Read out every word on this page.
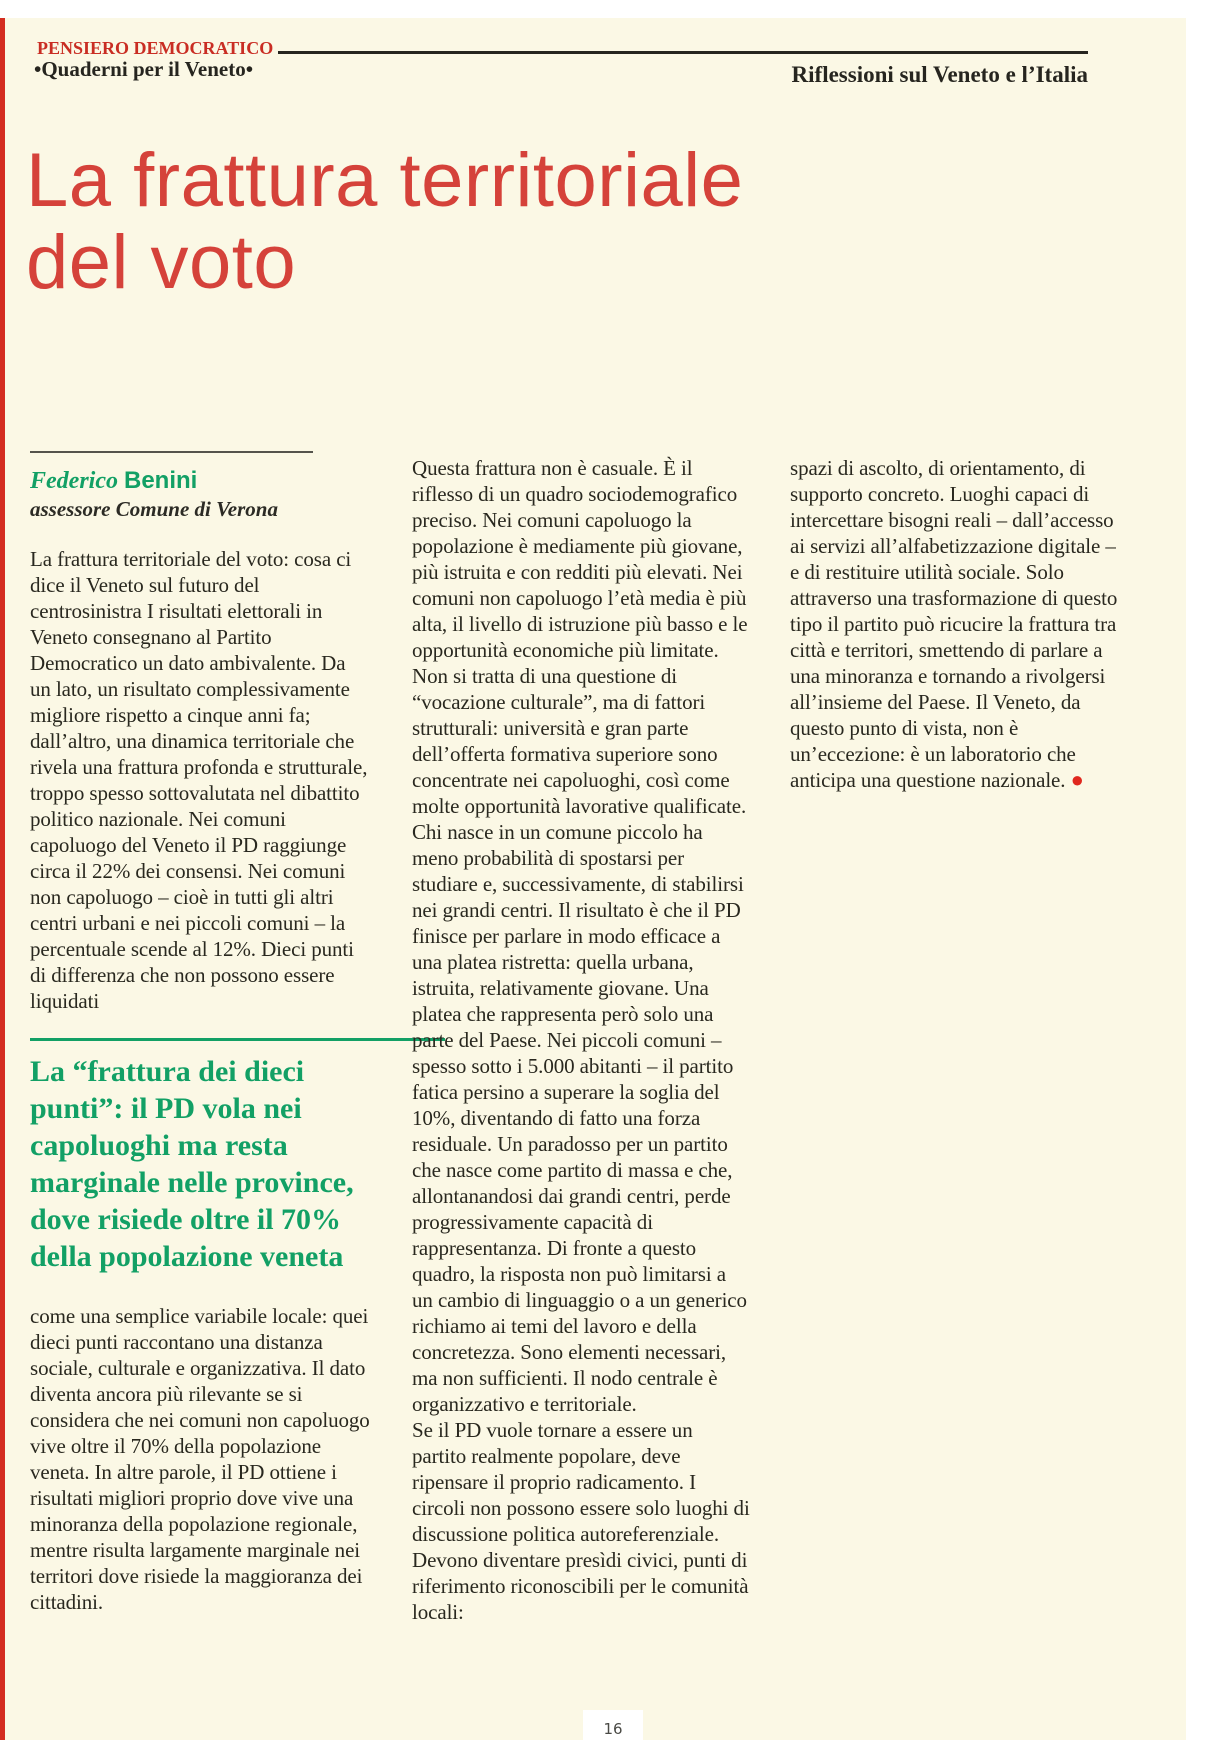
PENSIERO DEMOCRATICO
•Quaderni per il Veneto•	Riflessioni sul Veneto e l’Italia
La frattura territoriale
del voto
Federico Benini
assessore Comune di Verona

La frattura territoriale del voto: cosa ci dice il Veneto sul futuro del centrosinistra I risultati elettorali in Veneto consegnano al Partito Democratico un dato ambivalente. Da un lato, un risultato complessivamente migliore rispetto a cinque anni fa; dall’altro, una dinamica territoriale che rivela una frattura profonda e strutturale, troppo spesso sottovalutata nel dibattito politico nazionale. Nei comuni capoluogo del Veneto il PD raggiunge circa il 22% dei consensi. Nei comuni non capoluogo – cioè in tutti gli altri centri urbani e nei piccoli comuni – la percentuale scende al 12%. Dieci punti di differenza che non possono essere liquidati

La “frattura dei dieci punti”: il PD vola nei capoluoghi ma resta marginale nelle province, dove risiede oltre il 70% della popolazione veneta

come una semplice variabile locale: quei dieci punti raccontano una distanza sociale, culturale e organizzativa. Il dato diventa ancora più rilevante se si considera che nei comuni non capoluogo vive oltre il 70% della popolazione veneta. In altre parole, il PD ottiene i risultati migliori proprio dove vive una minoranza della popolazione regionale, mentre risulta largamente marginale nei territori dove risiede la maggioranza dei cittadini.

Questa frattura non è casuale. È il riflesso di un quadro sociodemografico preciso. Nei comuni capoluogo la popolazione è mediamente più giovane, più istruita e con redditi più elevati. Nei comuni non capoluogo l’età media è più alta, il livello di istruzione più basso e le opportunità economiche più limitate. Non si tratta di una questione di “vocazione culturale”, ma di fattori strutturali: università e gran parte dell’offerta formativa superiore sono concentrate nei capoluoghi, così come molte opportunità lavorative qualificate. Chi nasce in un comune piccolo ha meno probabilità di spostarsi per studiare e, successivamente, di stabilirsi nei grandi centri. Il risultato è che il PD finisce per parlare in modo efficace a una platea ristretta: quella urbana, istruita, relativamente giovane. Una platea che rappresenta però solo una parte del Paese. Nei piccoli comuni – spesso sotto i 5.000 abitanti – il partito fatica persino a superare la soglia del 10%, diventando di fatto una forza residuale. Un paradosso per un partito che nasce come partito di massa e che, allontanandosi dai grandi centri, perde progressivamente capacità di rappresentanza. Di fronte a questo quadro, la risposta non può limitarsi a un cambio di linguaggio o a un generico richiamo ai temi del lavoro e della concretezza. Sono elementi necessari, ma non sufficienti. Il nodo centrale è organizzativo e territoriale.

Se il PD vuole tornare a essere un partito realmente popolare, deve ripensare il proprio radicamento. I circoli non possono essere solo luoghi di discussione politica autoreferenziale. Devono diventare presìdi civici, punti di riferimento riconoscibili per le comunità locali:

spazi di ascolto, di orientamento, di supporto concreto. Luoghi capaci di intercettare bisogni reali – dall’accesso ai servizi all’alfabetizzazione digitale – e di restituire utilità sociale. Solo attraverso una trasformazione di questo tipo il partito può ricucire la frattura tra città e territori, smettendo di parlare a una minoranza e tornando a rivolgersi all’insieme del Paese. Il Veneto, da questo punto di vista, non è un’eccezione: è un laboratorio che anticipa una questione nazionale. ●

16
